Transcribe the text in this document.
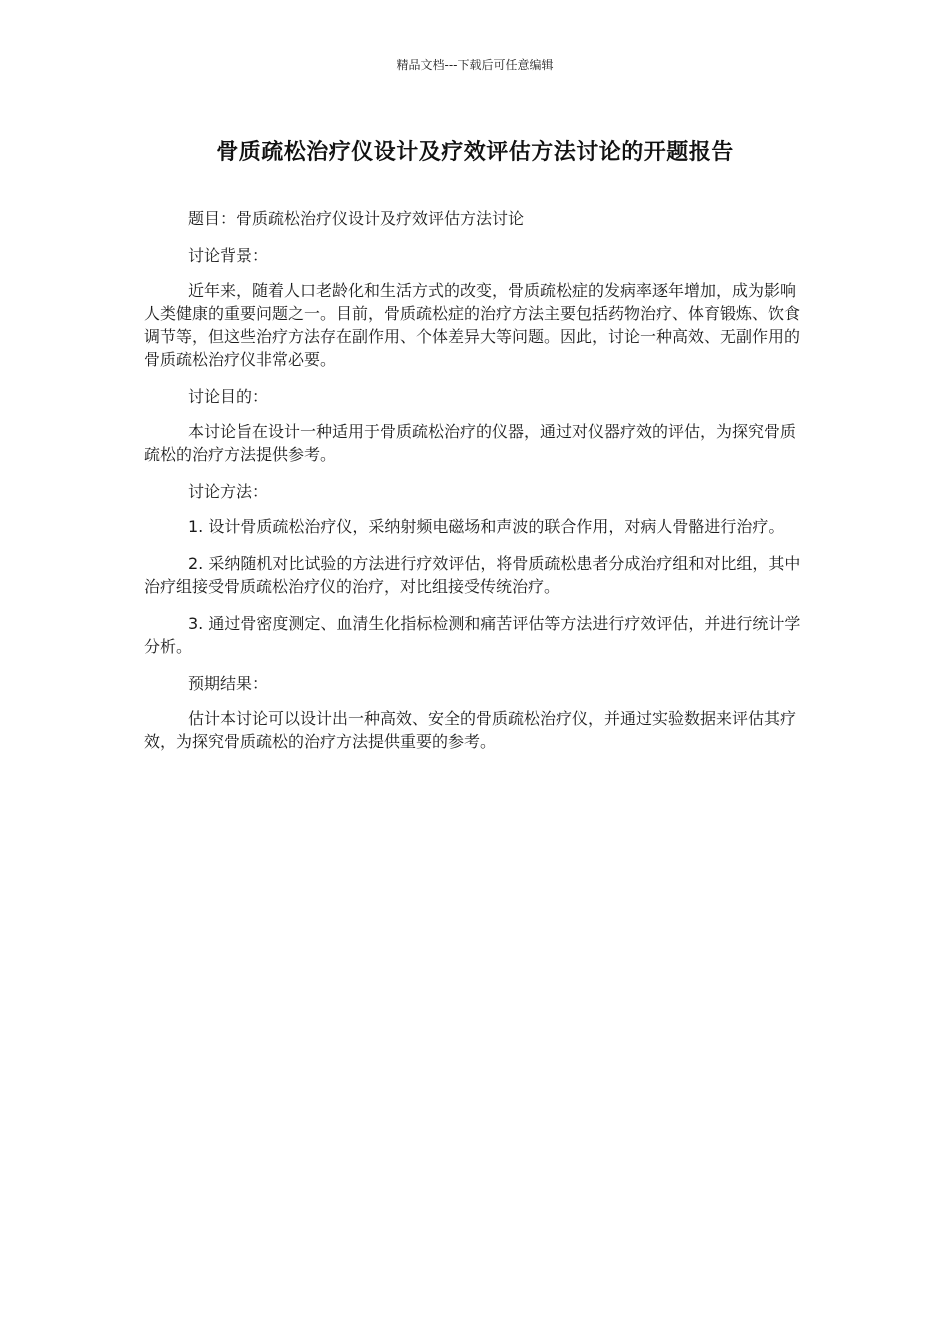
精品文档---下载后可任意编辑
骨质疏松治疗仪设计及疗效评估方法讨论的开题报告

题目：骨质疏松治疗仪设计及疗效评估方法讨论

讨论背景：

近年来，随着人口老龄化和生活方式的改变，骨质疏松症的发病率逐年增加，成为影响人类健康的重要问题之一。目前，骨质疏松症的治疗方法主要包括药物治疗、体育锻炼、饮食调节等，但这些治疗方法存在副作用、个体差异大等问题。因此，讨论一种高效、无副作用的骨质疏松治疗仪非常必要。

讨论目的：

本讨论旨在设计一种适用于骨质疏松治疗的仪器，通过对仪器疗效的评估，为探究骨质疏松的治疗方法提供参考。

讨论方法：

1. 设计骨质疏松治疗仪，采纳射频电磁场和声波的联合作用，对病人骨骼进行治疗。

2. 采纳随机对比试验的方法进行疗效评估，将骨质疏松患者分成治疗组和对比组，其中治疗组接受骨质疏松治疗仪的治疗，对比组接受传统治疗。

3. 通过骨密度测定、血清生化指标检测和痛苦评估等方法进行疗效评估，并进行统计学分析。

预期结果：

估计本讨论可以设计出一种高效、安全的骨质疏松治疗仪，并通过实验数据来评估其疗效，为探究骨质疏松的治疗方法提供重要的参考。
